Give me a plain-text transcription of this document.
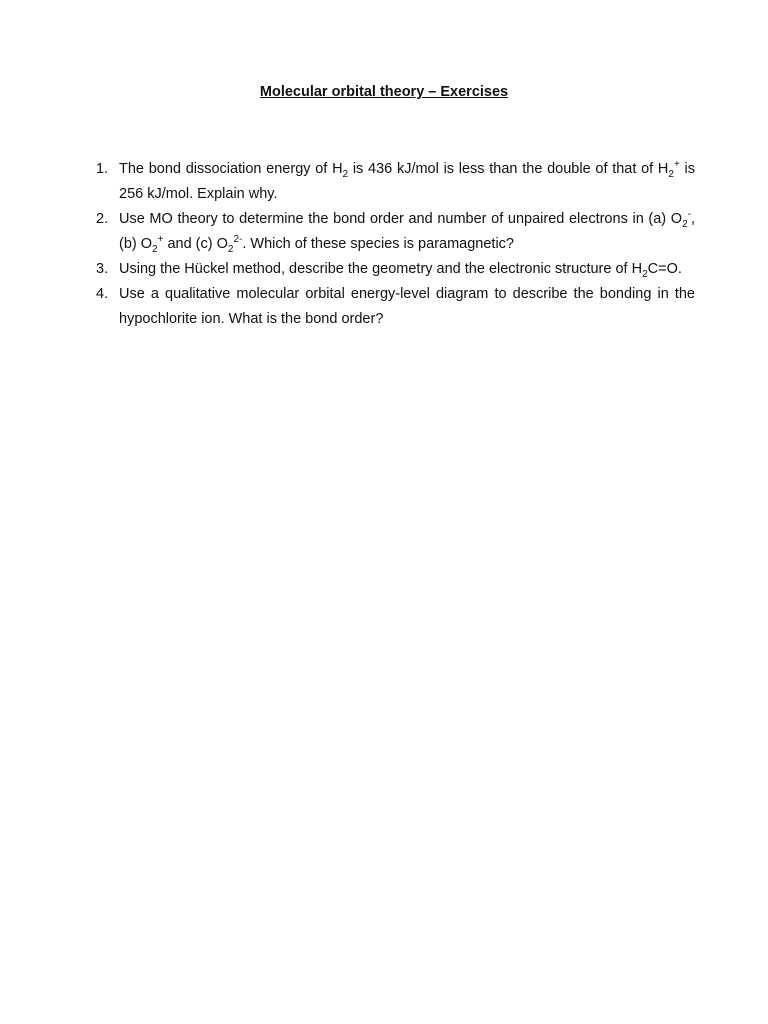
Molecular orbital theory – Exercises
1. The bond dissociation energy of $H_2$ is 436 kJ/mol is less than the double of that of $H_2^+$ is 256 kJ/mol. Explain why.
2. Use MO theory to determine the bond order and number of unpaired electrons in (a) $O_2^-$, (b) $O_2^+$ and (c) $O_2^{2-}$. Which of these species is paramagnetic?
3. Using the Hückel method, describe the geometry and the electronic structure of $H_2C=O$.
4. Use a qualitative molecular orbital energy-level diagram to describe the bonding in the hypochlorite ion. What is the bond order?
